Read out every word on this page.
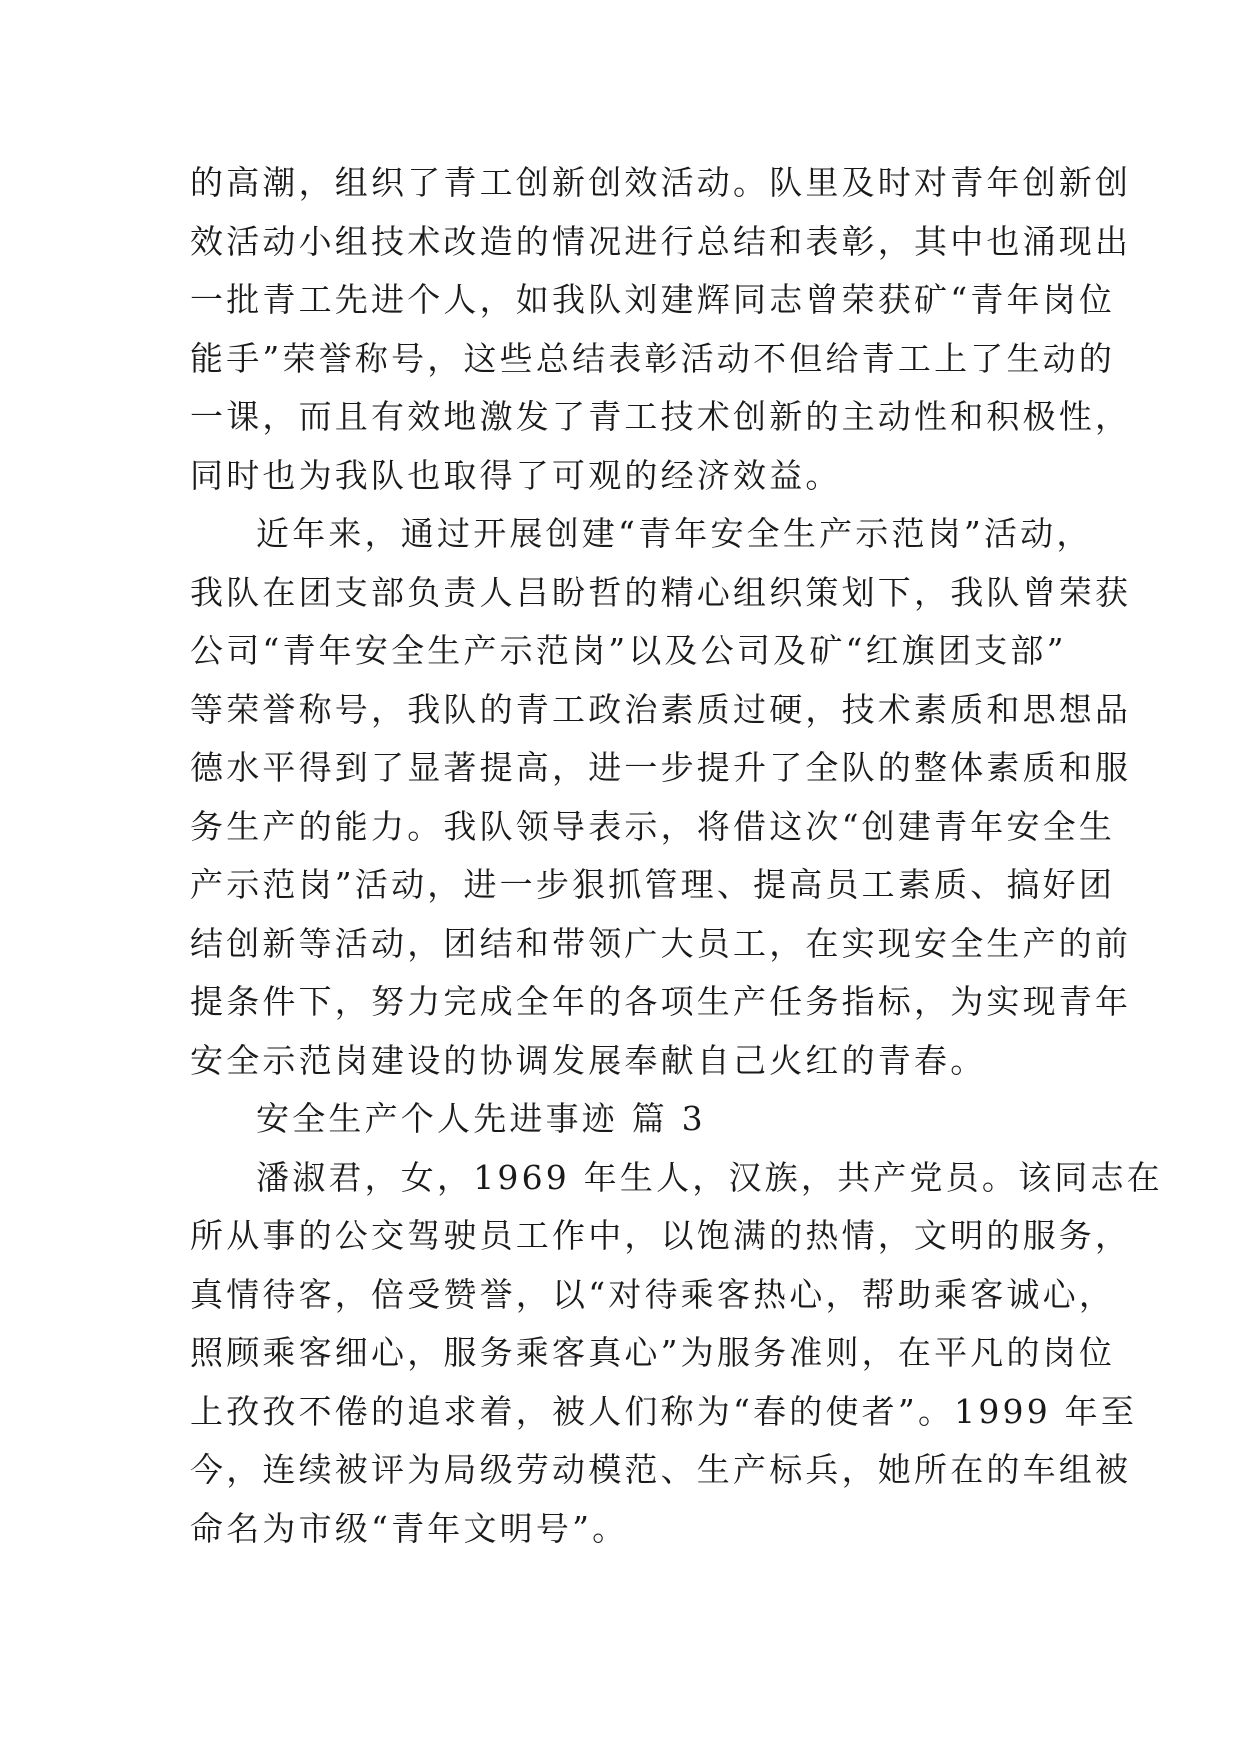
的高潮，组织了青工创新创效活动。队里及时对青年创新创
效活动小组技术改造的情况进行总结和表彰，其中也涌现出
一批青工先进个人，如我队刘建辉同志曾荣获矿“青年岗位
能手”荣誉称号，这些总结表彰活动不但给青工上了生动的
一课，而且有效地激发了青工技术创新的主动性和积极性，
同时也为我队也取得了可观的经济效益。
近年来，通过开展创建“青年安全生产示范岗”活动，
我队在团支部负责人吕盼哲的精心组织策划下，我队曾荣获
公司“青年安全生产示范岗”以及公司及矿“红旗团支部”
等荣誉称号，我队的青工政治素质过硬，技术素质和思想品
德水平得到了显著提高，进一步提升了全队的整体素质和服
务生产的能力。我队领导表示，将借这次“创建青年安全生
产示范岗”活动，进一步狠抓管理、提高员工素质、搞好团
结创新等活动，团结和带领广大员工，在实现安全生产的前
提条件下，努力完成全年的各项生产任务指标，为实现青年
安全示范岗建设的协调发展奉献自己火红的青春。
安全生产个人先进事迹 篇 3
潘淑君，女，1969 年生人，汉族，共产党员。该同志在
所从事的公交驾驶员工作中，以饱满的热情，文明的服务，
真情待客，倍受赞誉，以“对待乘客热心，帮助乘客诚心，
照顾乘客细心，服务乘客真心”为服务准则，在平凡的岗位
上孜孜不倦的追求着，被人们称为“春的使者”。1999 年至
今，连续被评为局级劳动模范、生产标兵，她所在的车组被
命名为市级“青年文明号”。
